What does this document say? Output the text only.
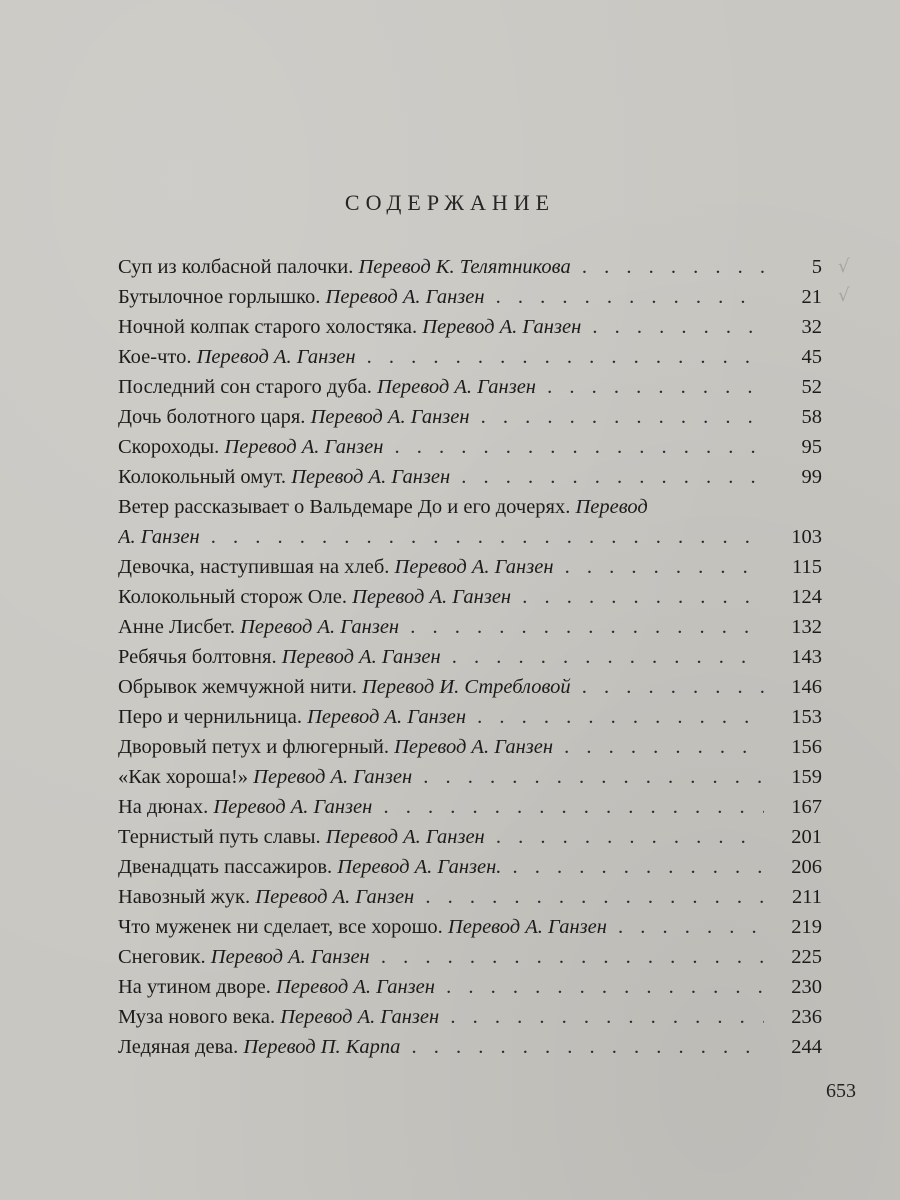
СОДЕРЖАНИЕ
Суп из колбасной палочки. Перевод К. Телятникова . . .	5
Бутылочное горлышко. Перевод А. Ганзен . . .	21
Ночной колпак старого холостяка. Перевод А. Ганзен . . .	32
Кое-что. Перевод А. Ганзен . . .	45
Последний сон старого дуба. Перевод А. Ганзен . . .	52
Дочь болотного царя. Перевод А. Ганзен . . .	58
Скороходы. Перевод А. Ганзен . . .	95
Колокольный омут. Перевод А. Ганзен . . .	99
Ветер рассказывает о Вальдемаре До и его дочерях. Перевод
А. Ганзен . . .	103
Девочка, наступившая на хлеб. Перевод А. Ганзен . . .	115
Колокольный сторож Оле. Перевод А. Ганзен . . .	124
Анне Лисбет. Перевод А. Ганзен . . .	132
Ребячья болтовня. Перевод А. Ганзен . . .	143
Обрывок жемчужной нити. Перевод И. Стребловой . . .	146
Перо и чернильница. Перевод А. Ганзен . . .	153
Дворовый петух и флюгерный. Перевод А. Ганзен . . .	156
«Как хороша!» Перевод А. Ганзен . . .	159
На дюнах. Перевод А. Ганзен . . .	167
Тернистый путь славы. Перевод А. Ганзен . . .	201
Двенадцать пассажиров. Перевод А. Ганзен. . . .	206
Навозный жук. Перевод А. Ганзен . . .	211
Что муженек ни сделает, все хорошо. Перевод А. Ганзен . . .	219
Снеговик. Перевод А. Ганзен . . .	225
На утином дворе. Перевод А. Ганзен . . .	230
Муза нового века. Перевод А. Ганзен . . .	236
Ледяная дева. Перевод П. Карпа . . .	244
√
√
653
